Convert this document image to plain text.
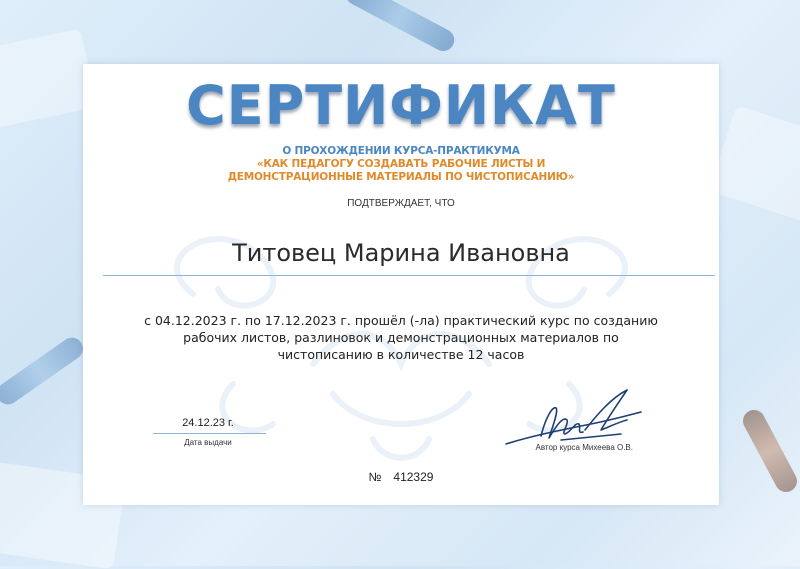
СЕРТИФИКАТ
О ПРОХОЖДЕНИИ КУРСА-ПРАКТИКУМА
«КАК ПЕДАГОГУ СОЗДАВАТЬ РАБОЧИЕ ЛИСТЫ И
ДЕМОНСТРАЦИОННЫЕ МАТЕРИАЛЫ ПО ЧИСТОПИСАНИЮ»
ПОДТВЕРЖДАЕТ, ЧТО
Титовец Марина Ивановна
с 04.12.2023 г. по 17.12.2023 г. прошёл (-ла) практический курс по созданию
рабочих листов, разлиновок и демонстрационных материалов по
чистописанию в количестве 12 часов
24.12.23 г.
Дата выдачи
Автор курса Михеева О.В.
№ 412329
